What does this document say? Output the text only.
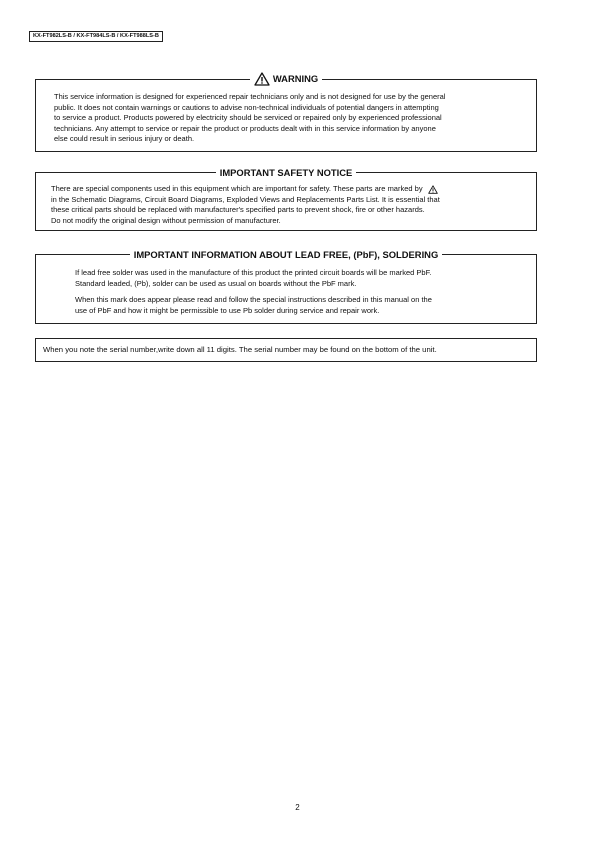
KX-FT982LS-B / KX-FT984LS-B / KX-FT988LS-B
WARNING
This service information is designed for experienced repair technicians only and is not designed for use by the general
public. It does not contain warnings or cautions to advise non-technical individuals of potential dangers in attempting
to service a product. Products powered by electricity should be serviced or repaired only by experienced professional
technicians. Any attempt to service or repair the product or products dealt with in this service information by anyone
else could result in serious injury or death.
IMPORTANT SAFETY NOTICE
There are special components used in this equipment which are important for safety. These parts are marked by
in the Schematic Diagrams, Circuit Board Diagrams, Exploded Views and Replacements Parts List. It is essential that
these critical parts should be replaced with manufacturer's specified parts to prevent shock, fire or other hazards.
Do not modify the original design without permission of manufacturer.
IMPORTANT INFORMATION ABOUT LEAD FREE, (PbF), SOLDERING
If lead free solder was used in the manufacture of this product the printed circuit boards will be marked PbF.
Standard leaded, (Pb), solder can be used as usual on boards without the PbF mark.
When this mark does appear please read and follow the special instructions described in this manual on the
use of PbF and how it might be permissible to use Pb solder during service and repair work.
When you note the serial number,write down all 11 digits. The serial number may be found on the bottom of the unit.
2
